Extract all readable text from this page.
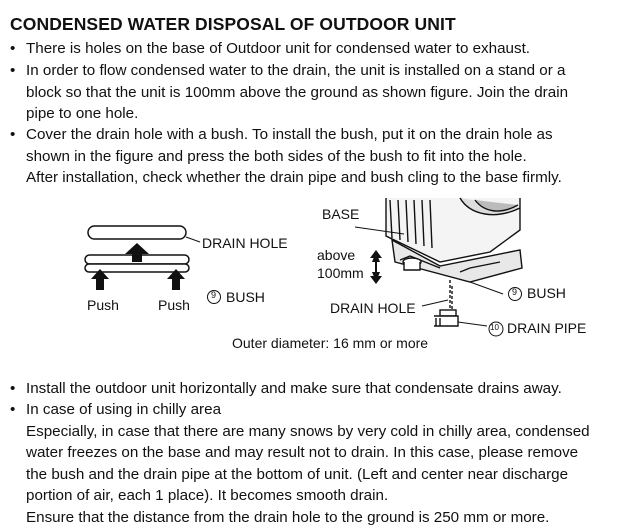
CONDENSED WATER DISPOSAL OF OUTDOOR UNIT
• There is holes on the base of Outdoor unit for condensed water to exhaust.
• In order to flow condensed water to the drain, the unit is installed on a stand or a
block so that the unit is 100mm above the ground as shown figure. Join the drain
pipe to one hole.
• Cover the drain hole with a bush. To install the bush, put it on the drain hole as
shown in the figure and press the both sides of the bush to fit into the hole.
After installation, check whether the drain pipe and bush cling to the base firmly.
DRAIN HOLE
Push	Push
9 BUSH
BASE
above
100mm
DRAIN HOLE
9 BUSH
10 DRAIN PIPE
Outer diameter: 16 mm or more
• Install the outdoor unit horizontally and make sure that condensate drains away.
• In case of using in chilly area
Especially, in case that there are many snows by very cold in chilly area, condensed
water freezes on the base and may result not to drain. In this case, please remove
the bush and the drain pipe at the bottom of unit. (Left and center near discharge
portion of air, each 1 place). It becomes smooth drain.
Ensure that the distance from the drain hole to the ground is 250 mm or more.
